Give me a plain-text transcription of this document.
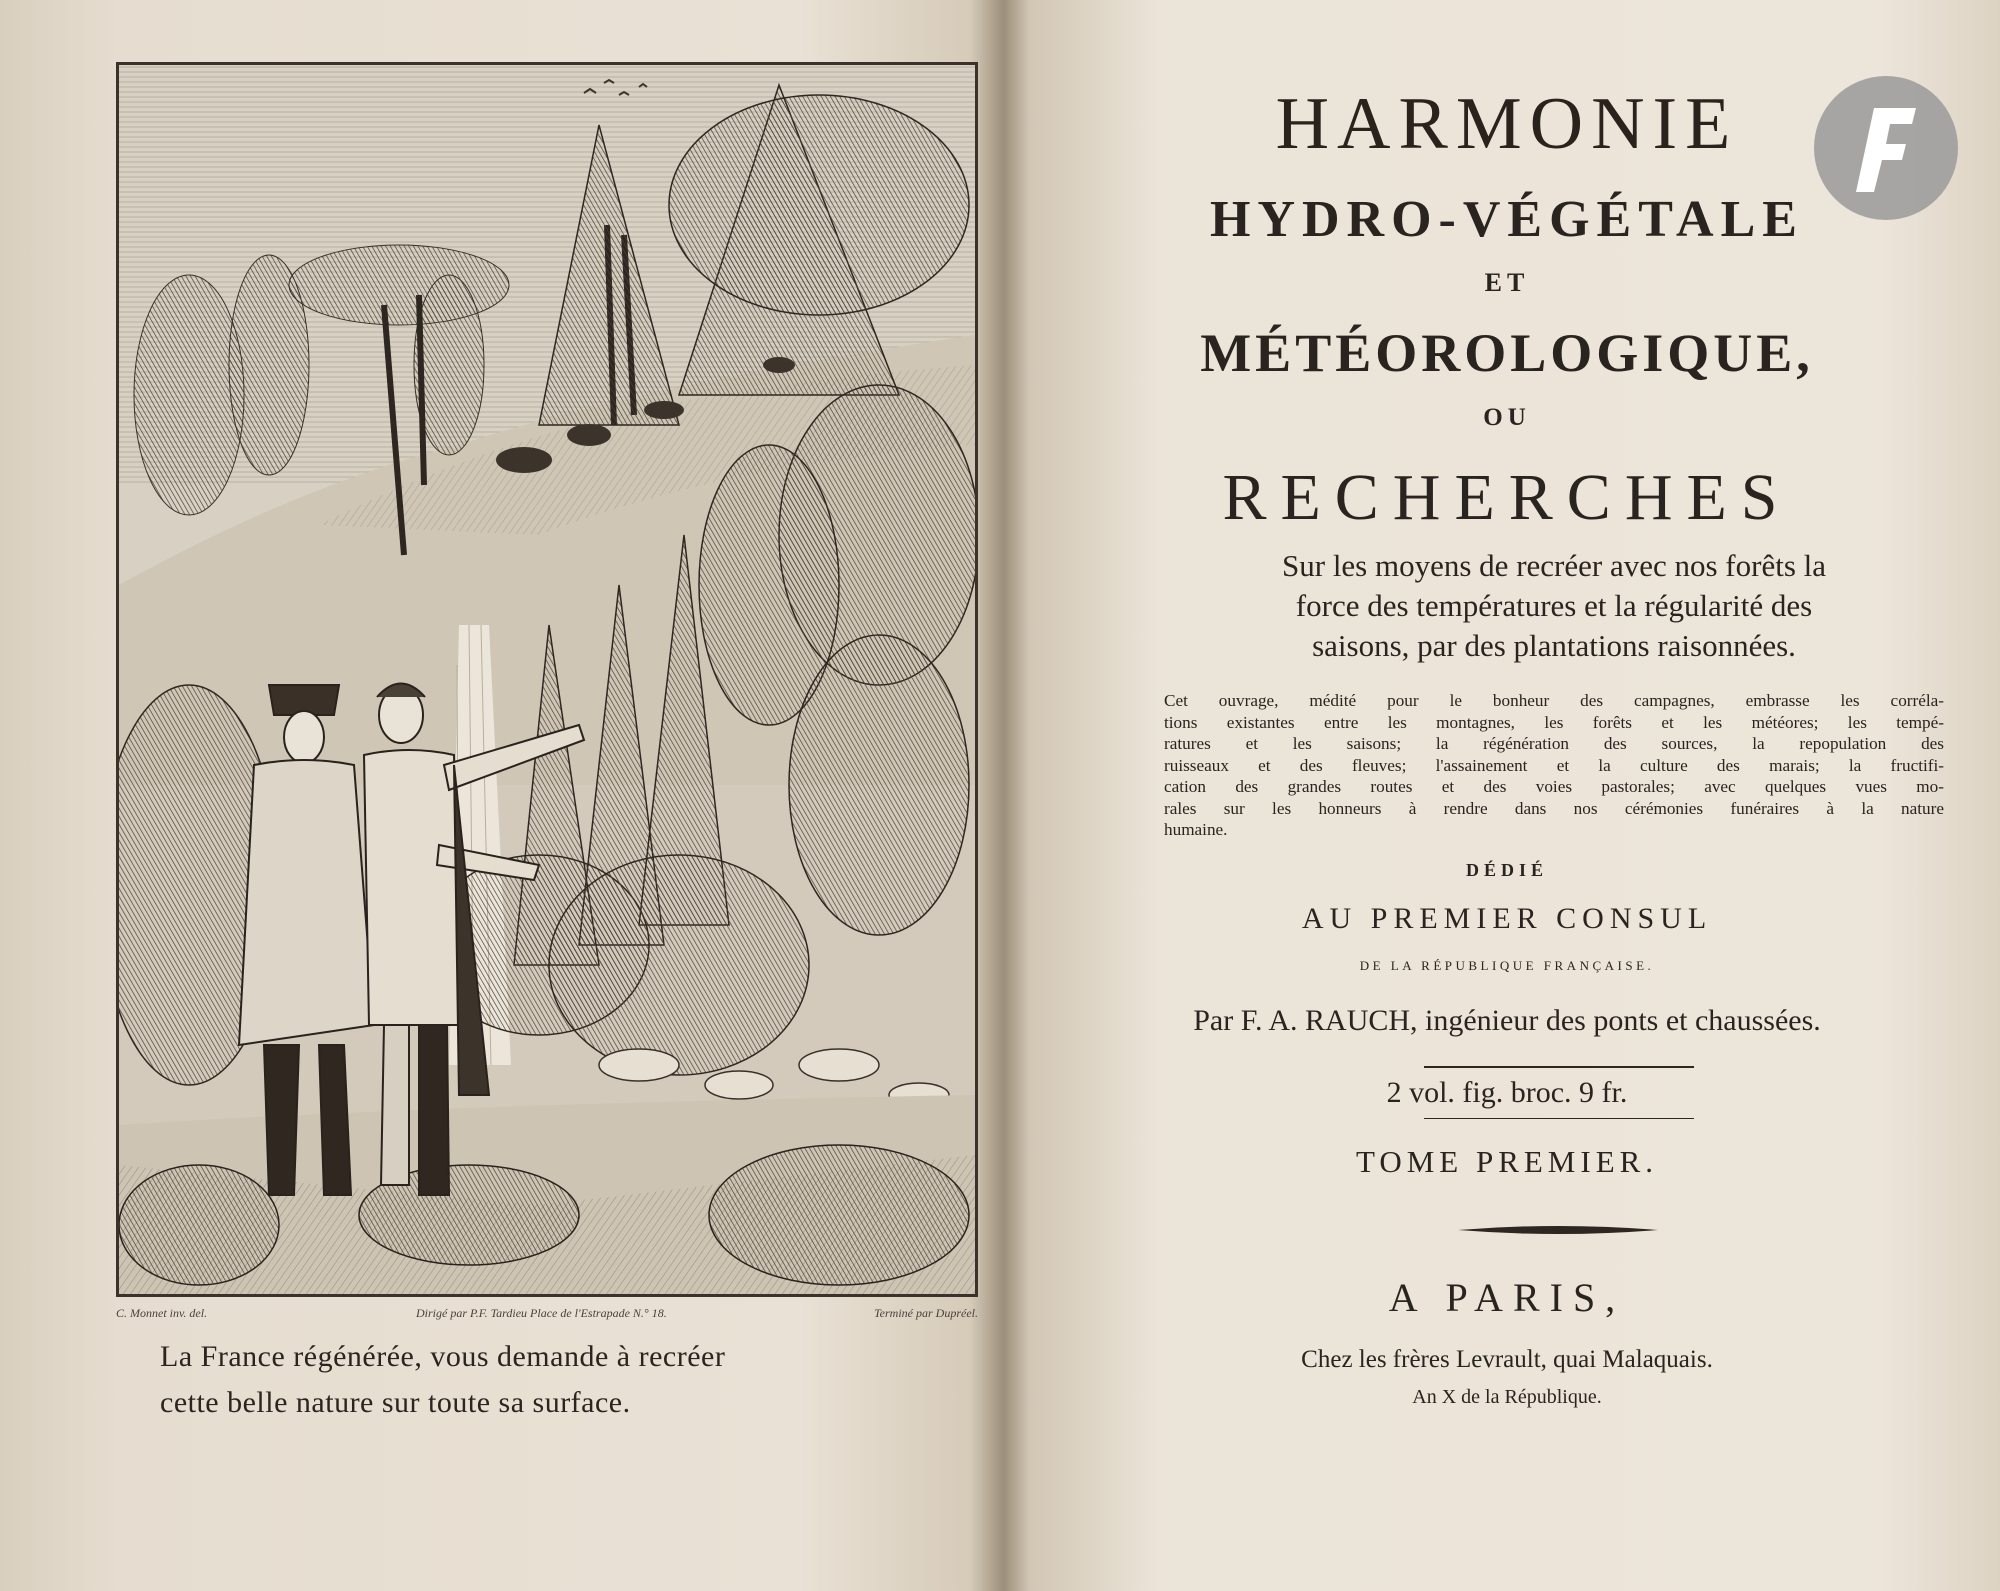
C. Monnet inv. del.	Dirigé par P.F. Tardieu Place de l'Estrapade N.° 18.	Terminé par Dupréel.
La France régénérée, vous demande à recréer
cette belle nature sur toute sa surface.
HARMONIE
HYDRO-VÉGÉTALE
ET
MÉTÉOROLOGIQUE,
OU
RECHERCHES
Sur les moyens de recréer avec nos forêts la
force des températures et la régularité des
saisons, par des plantations raisonnées.
Cet ouvrage, médité pour le bonheur des campagnes, embrasse les corréla-
tions existantes entre les montagnes, les forêts et les météores; les tempé-
ratures et les saisons; la régénération des sources, la repopulation des
ruisseaux et des fleuves; l'assainement et la culture des marais; la fructifi-
cation des grandes routes et des voies pastorales; avec quelques vues mo-
rales sur les honneurs à rendre dans nos cérémonies funéraires à la nature
humaine.
DÉDIÉ
AU PREMIER CONSUL
DE LA RÉPUBLIQUE FRANÇAISE.
Par F. A. RAUCH, ingénieur des ponts et chaussées.
2 vol. fig. broc. 9 fr.
TOME PREMIER.
A PARIS,
Chez les frères Levrault, quai Malaquais.
An X de la République.
